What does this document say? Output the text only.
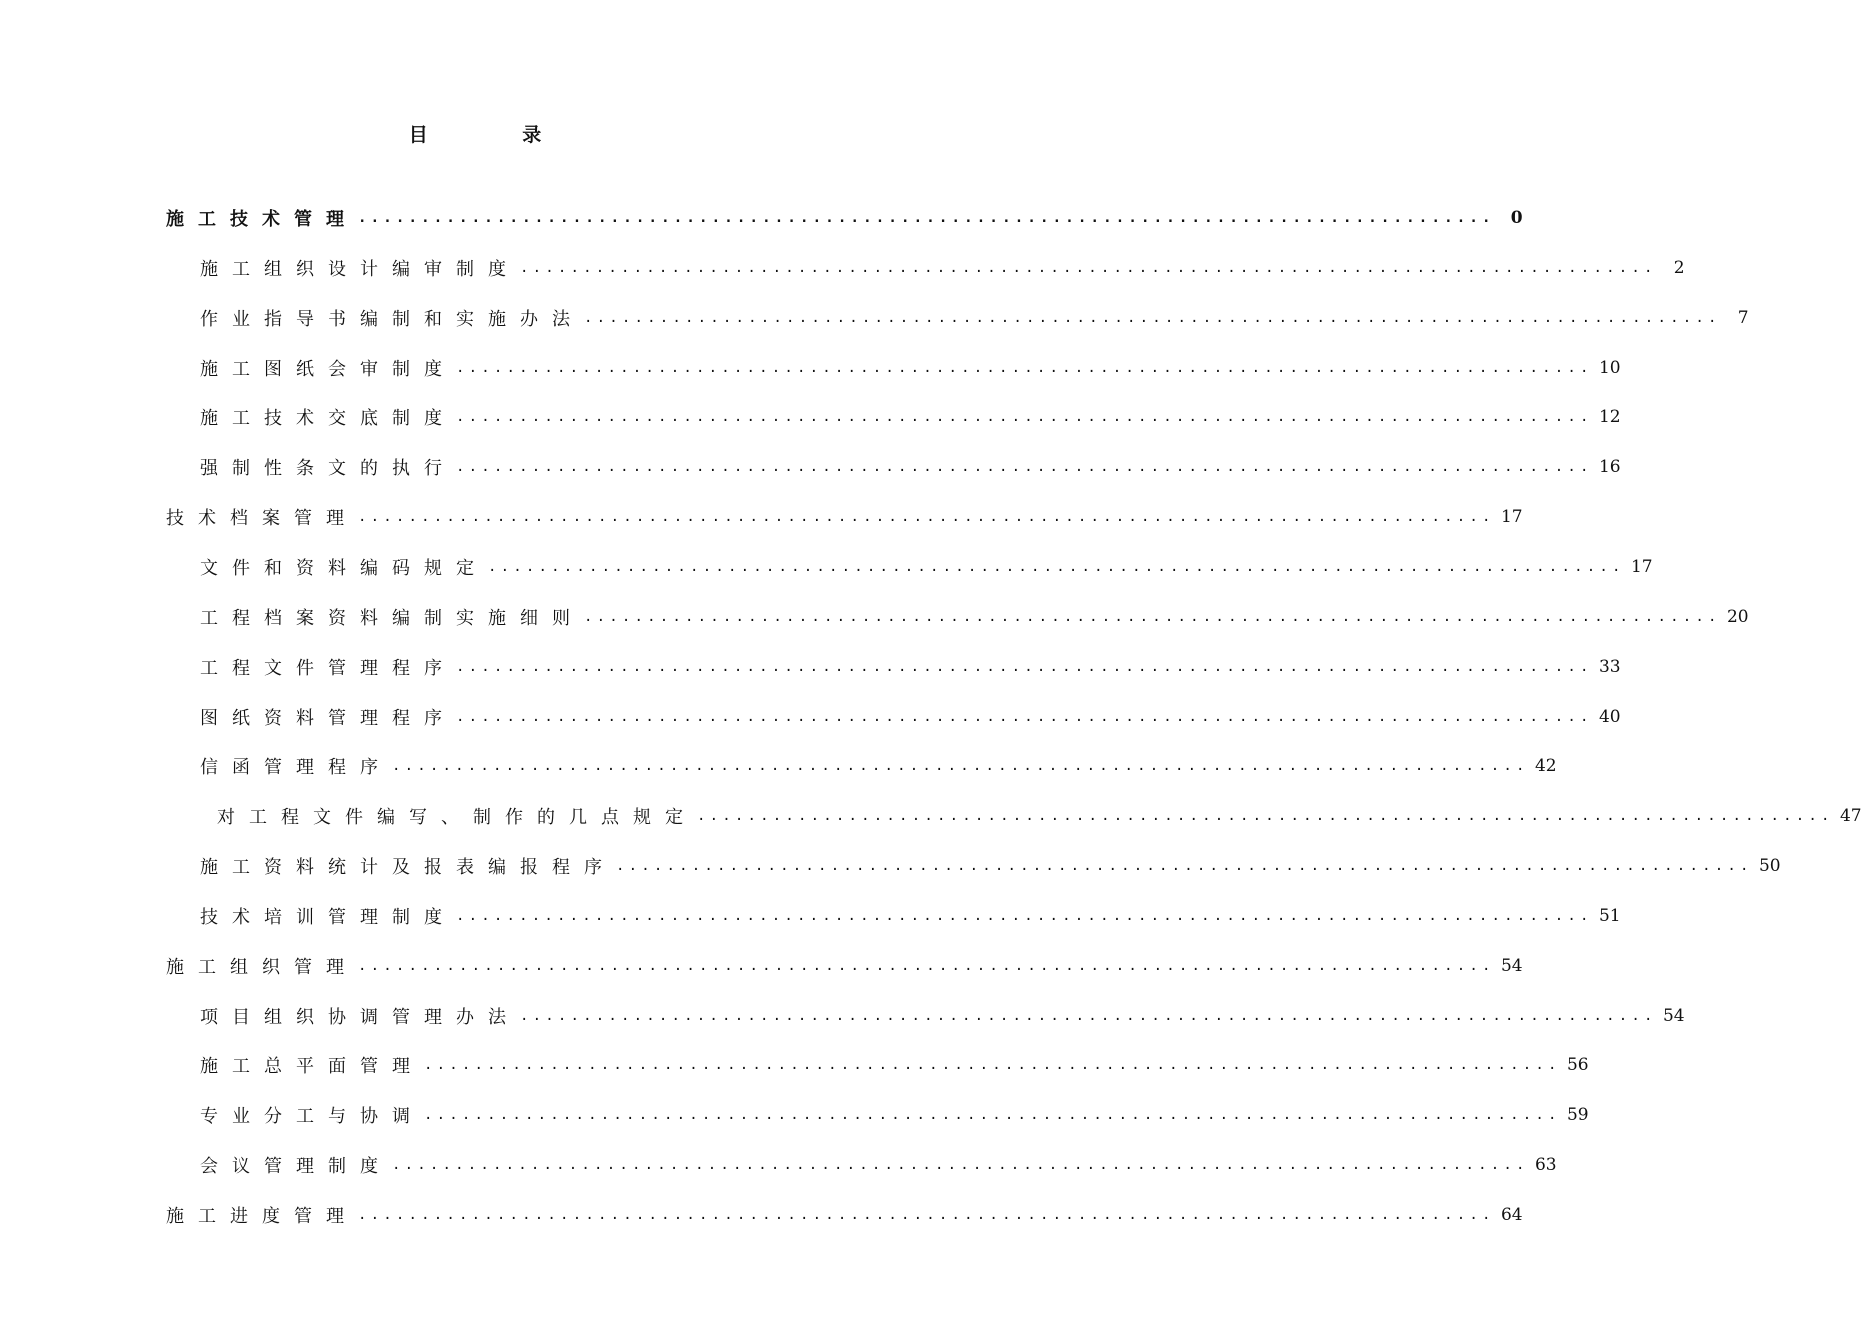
目 录
施工技术管理 .......................................................................................... 0
施工组织设计编审制度 ..........................................................................................	2
作业指导书编制和实施办法 ..........................................................................................	7
施工图纸会审制度 .......................................................................................... 10
施工技术交底制度 .......................................................................................... 12
强制性条文的执行 .......................................................................................... 16
技术档案管理 .......................................................................................... 17
文件和资料编码规定 .......................................................................................... 17
工程档案资料编制实施细则 .......................................................................................... 20
工程文件管理程序 .......................................................................................... 33
图纸资料管理程序 .......................................................................................... 40
信函管理程序 .......................................................................................... 42
对工程文件编写、制作的几点规定 .......................................................................................... 47
施工资料统计及报表编报程序 .......................................................................................... 50
技术培训管理制度 .......................................................................................... 51
施工组织管理 .......................................................................................... 54
项目组织协调管理办法 .......................................................................................... 54
施工总平面管理 .......................................................................................... 56
专业分工与协调 .......................................................................................... 59
会议管理制度 .......................................................................................... 63
施工进度管理 .......................................................................................... 64
